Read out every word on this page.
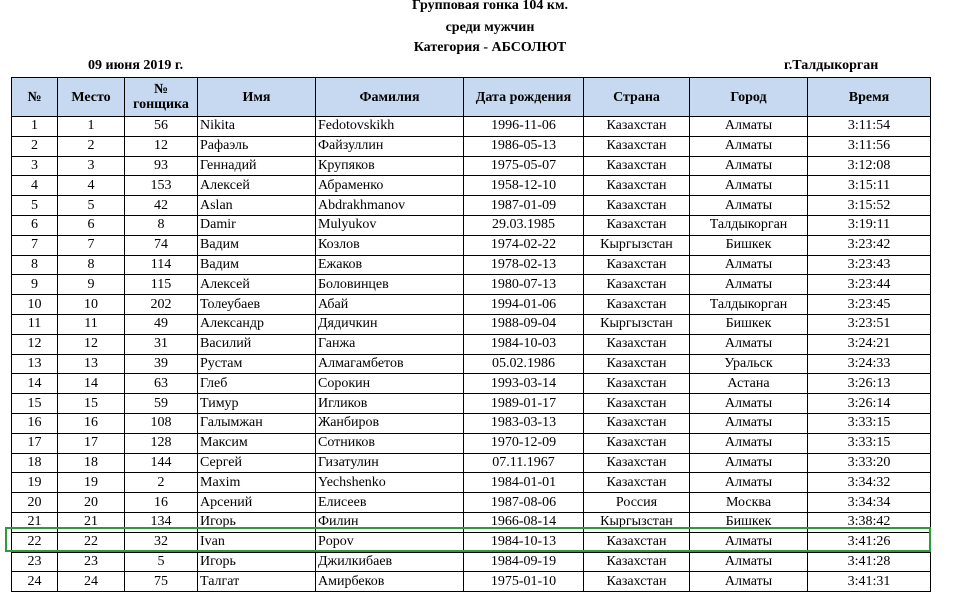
Групповая гонка 104 км.
среди мужчин
Категория - АБСОЛЮТ
09 июня 2019 г.	г.Талдыкорган
№	Место	№ гонщика	Имя	Фамилия	Дата рождения	Страна	Город	Время
1	1	56	Nikita	Fedotovskikh	1996-11-06	Казахстан	Алматы	3:11:54
2	2	12	Рафаэль	Файзуллин	1986-05-13	Казахстан	Алматы	3:11:56
3	3	93	Геннадий	Крупяков	1975-05-07	Казахстан	Алматы	3:12:08
4	4	153	Алексей	Абраменко	1958-12-10	Казахстан	Алматы	3:15:11
5	5	42	Aslan	Abdrakhmanov	1987-01-09	Казахстан	Алматы	3:15:52
6	6	8	Damir	Mulyukov	29.03.1985	Казахстан	Талдыкорган	3:19:11
7	7	74	Вадим	Козлов	1974-02-22	Кыргызстан	Бишкек	3:23:42
8	8	114	Вадим	Ежаков	1978-02-13	Казахстан	Алматы	3:23:43
9	9	115	Алексей	Боловинцев	1980-07-13	Казахстан	Алматы	3:23:44
10	10	202	Толеубаев	Абай	1994-01-06	Казахстан	Талдыкорган	3:23:45
11	11	49	Александр	Дядичкин	1988-09-04	Кыргызстан	Бишкек	3:23:51
12	12	31	Василий	Ганжа	1984-10-03	Казахстан	Алматы	3:24:21
13	13	39	Рустам	Алмагамбетов	05.02.1986	Казахстан	Уральск	3:24:33
14	14	63	Глеб	Сорокин	1993-03-14	Казахстан	Астана	3:26:13
15	15	59	Тимур	Игликов	1989-01-17	Казахстан	Алматы	3:26:14
16	16	108	Галымжан	Жанбиров	1983-03-13	Казахстан	Алматы	3:33:15
17	17	128	Максим	Сотников	1970-12-09	Казахстан	Алматы	3:33:15
18	18	144	Сергей	Гизатулин	07.11.1967	Казахстан	Алматы	3:33:20
19	19	2	Maxim	Yechshenko	1984-01-01	Казахстан	Алматы	3:34:32
20	20	16	Арсений	Елисеев	1987-08-06	Россия	Москва	3:34:34
21	21	134	Игорь	Филин	1966-08-14	Кыргызстан	Бишкек	3:38:42
22	22	32	Ivan	Popov	1984-10-13	Казахстан	Алматы	3:41:26
23	23	5	Игорь	Джилкибаев	1984-09-19	Казахстан	Алматы	3:41:28
24	24	75	Талгат	Амирбеков	1975-01-10	Казахстан	Алматы	3:41:31
